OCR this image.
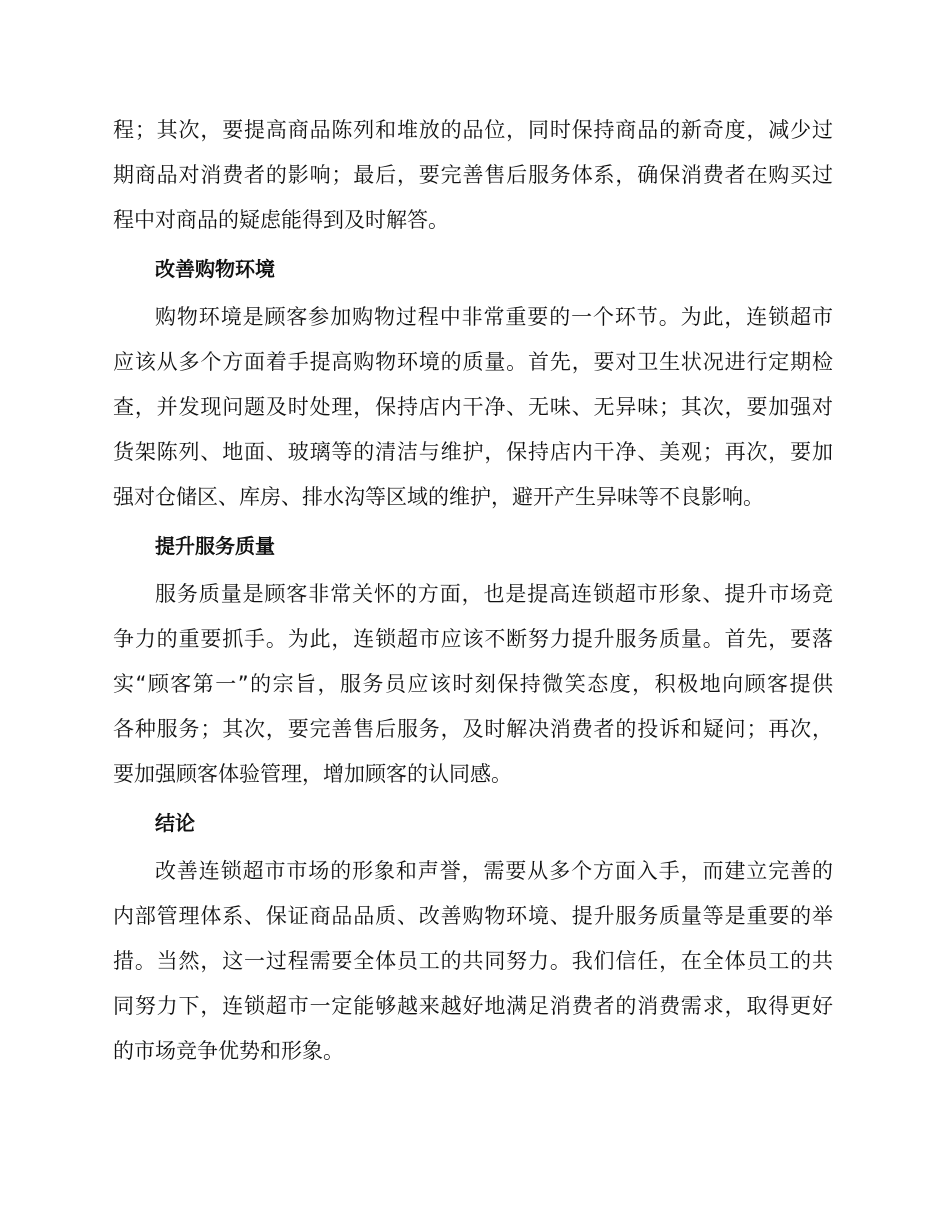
程；其次，要提高商品陈列和堆放的品位，同时保持商品的新奇度，减少过
期商品对消费者的影响；最后，要完善售后服务体系，确保消费者在购买过
程中对商品的疑虑能得到及时解答。
改善购物环境
购物环境是顾客参加购物过程中非常重要的一个环节。为此，连锁超市
应该从多个方面着手提高购物环境的质量。首先，要对卫生状况进行定期检
查，并发现问题及时处理，保持店内干净、无味、无异味；其次，要加强对
货架陈列、地面、玻璃等的清洁与维护，保持店内干净、美观；再次，要加
强对仓储区、库房、排水沟等区域的维护，避开产生异味等不良影响。
提升服务质量
服务质量是顾客非常关怀的方面，也是提高连锁超市形象、提升市场竞
争力的重要抓手。为此，连锁超市应该不断努力提升服务质量。首先，要落
实“顾客第一”的宗旨，服务员应该时刻保持微笑态度，积极地向顾客提供
各种服务；其次，要完善售后服务，及时解决消费者的投诉和疑问；再次，
要加强顾客体验管理，增加顾客的认同感。
结论
改善连锁超市市场的形象和声誉，需要从多个方面入手，而建立完善的
内部管理体系、保证商品品质、改善购物环境、提升服务质量等是重要的举
措。当然，这一过程需要全体员工的共同努力。我们信任，在全体员工的共
同努力下，连锁超市一定能够越来越好地满足消费者的消费需求，取得更好
的市场竞争优势和形象。
